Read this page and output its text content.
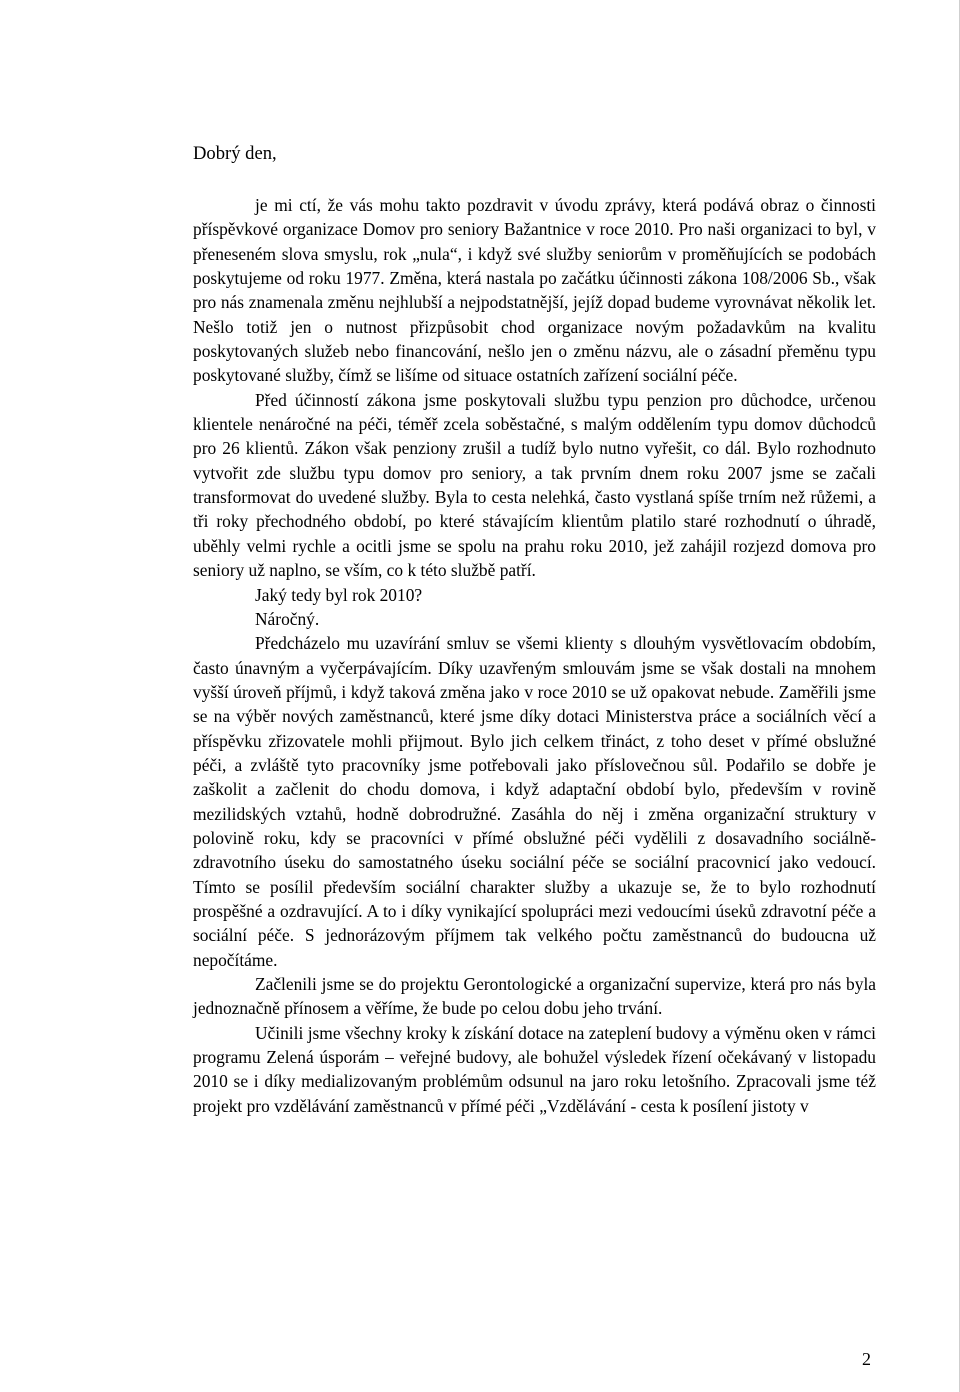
Dobrý den,

je mi ctí, že vás mohu takto pozdravit v úvodu zprávy, která podává obraz o činnosti příspěvkové organizace Domov pro seniory Bažantnice v roce 2010. Pro naši organizaci to byl, v přeneseném slova smyslu, rok „nula“, i když své služby seniorům v proměňujících se podobách poskytujeme od roku 1977. Změna, která nastala po začátku účinnosti zákona 108/2006 Sb., však pro nás znamenala změnu nejhlubší a nejpodstatnější, jejíž dopad budeme vyrovnávat několik let. Nešlo totiž jen o nutnost přizpůsobit chod organizace novým požadavkům na kvalitu poskytovaných služeb nebo financování, nešlo jen o změnu názvu, ale o zásadní přeměnu typu poskytované služby, čímž se lišíme od situace ostatních zařízení sociální péče.

Před účinností zákona jsme poskytovali službu typu penzion pro důchodce, určenou klientele nenáročné na péči, téměř zcela soběstačné, s malým oddělením typu domov důchodců pro 26 klientů. Zákon však penziony zrušil a tudíž bylo nutno vyřešit, co dál. Bylo rozhodnuto vytvořit zde službu typu domov pro seniory, a tak prvním dnem roku 2007 jsme se začali transformovat do uvedené služby. Byla to cesta nelehká, často vystlaná spíše trním než růžemi, a tři roky přechodného období, po které stávajícím klientům platilo staré rozhodnutí o úhradě, uběhly velmi rychle a ocitli jsme se spolu na prahu roku 2010, jež zahájil rozjezd domova pro seniory už naplno, se vším, co k této službě patří.

Jaký tedy byl rok 2010?

Náročný.

Předcházelo mu uzavírání smluv se všemi klienty s dlouhým vysvětlovacím obdobím, často únavným a vyčerpávajícím. Díky uzavřeným smlouvám jsme se však dostali na mnohem vyšší úroveň příjmů, i když taková změna jako v roce 2010 se už opakovat nebude. Zaměřili jsme se na výběr nových zaměstnanců, které jsme díky dotaci Ministerstva práce a sociálních věcí a příspěvku zřizovatele mohli přijmout. Bylo jich celkem třináct, z toho deset v přímé obslužné péči, a zvláště tyto pracovníky jsme potřebovali jako příslovečnou sůl. Podařilo se dobře je zaškolit a začlenit do chodu domova, i když adaptační období bylo, především v rovině mezilidských vztahů, hodně dobrodružné. Zasáhla do něj i změna organizační struktury v polovině roku, kdy se pracovníci v přímé obslužné péči vydělili z dosavadního sociálně-zdravotního úseku do samostatného úseku sociální péče se sociální pracovnicí jako vedoucí. Tímto se posílil především sociální charakter služby a ukazuje se, že to bylo rozhodnutí prospěšné a ozdravující. A to i díky vynikající spolupráci mezi vedoucími úseků zdravotní péče a sociální péče. S jednorázovým příjmem tak velkého počtu zaměstnanců do budoucna už nepočítáme.

Začlenili jsme se do projektu Gerontologické a organizační supervize, která pro nás byla jednoznačně přínosem a věříme, že bude po celou dobu jeho trvání.

Učinili jsme všechny kroky k získání dotace na zateplení budovy a výměnu oken v rámci programu Zelená úsporám – veřejné budovy, ale bohužel výsledek řízení očekávaný v listopadu 2010 se i díky medializovaným problémům odsunul na jaro roku letošního. Zpracovali jsme též projekt pro vzdělávání zaměstnanců v přímé péči „Vzdělávání - cesta k posílení jistoty v

2
